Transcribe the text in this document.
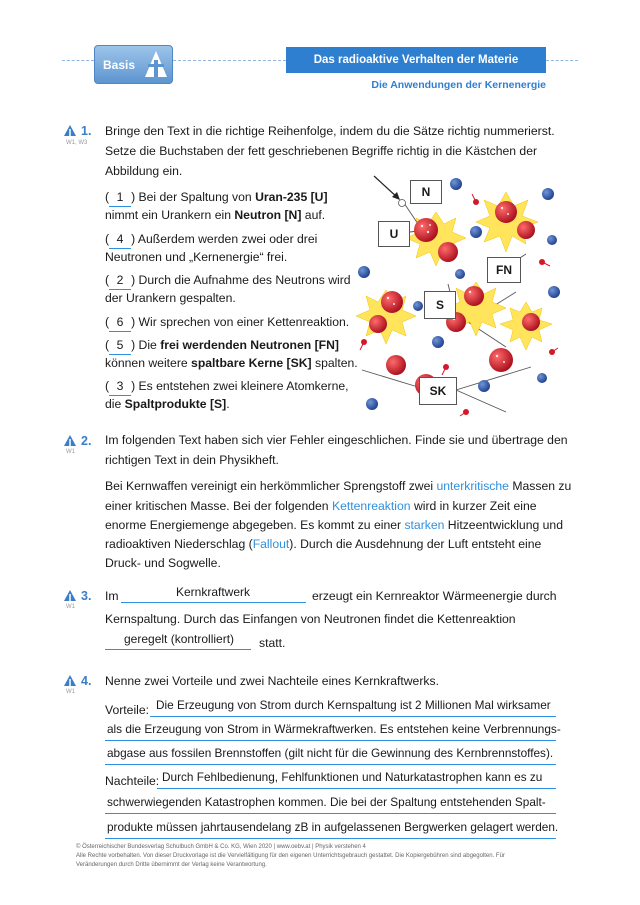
Basis	Das radioaktive Verhalten der Materie
Die Anwendungen der Kernenergie
1.
W1, W3
Bringe den Text in die richtige Reihenfolge, indem du die Sätze richtig nummerierst.
Setze die Buchstaben der fett geschriebenen Begriffe richtig in die Kästchen der
Abbildung ein.
( 1 ) Bei der Spaltung von Uran-235 [U]
nimmt ein Urankern ein Neutron [N] auf.
( 4 ) Außerdem werden zwei oder drei
Neutronen und „Kernenergie“ frei.
( 2 ) Durch die Aufnahme des Neutrons wird
der Urankern gespalten.
( 6 ) Wir sprechen von einer Kettenreaktion.
( 5 ) Die frei werdenden Neutronen [FN]
können weitere spaltbare Kerne [SK] spalten.
( 3 ) Es entstehen zwei kleinere Atomkerne,
die Spaltprodukte [S].
N
U
FN
S
SK
2.
W1
Im folgenden Text haben sich vier Fehler eingeschlichen. Finde sie und übertrage den
richtigen Text in dein Physikheft.
Bei Kernwaffen vereinigt ein herkömmlicher Sprengstoff zwei unterkritische Massen zu
einer kritischen Masse. Bei der folgenden Kettenreaktion wird in kurzer Zeit eine
enorme Energiemenge abgegeben. Es kommt zu einer starken Hitzeentwicklung und
radioaktiven Niederschlag (Fallout). Durch die Ausdehnung der Luft entsteht eine
Druck- und Sogwelle.
3.
W1
Im	Kernkraftwerk	erzeugt ein Kernreaktor Wärmeenergie durch
Kernspaltung. Durch das Einfangen von Neutronen findet die Kettenreaktion
geregelt (kontrolliert) statt.
4.
W1
Nenne zwei Vorteile und zwei Nachteile eines Kernkraftwerks.
Vorteile: Die Erzeugung von Strom durch Kernspaltung ist 2 Millionen Mal wirksamer
als die Erzeugung von Strom in Wärmekraftwerken. Es entstehen keine Verbrennungs-
abgase aus fossilen Brennstoffen (gilt nicht für die Gewinnung des Kernbrennstoffes).
Nachteile: Durch Fehlbedienung, Fehlfunktionen und Naturkatastrophen kann es zu
schwerwiegenden Katastrophen kommen. Die bei der Spaltung entstehenden Spalt-
produkte müssen jahrtausendelang zB in aufgelassenen Bergwerken gelagert werden.
© Österreichischer Bundesverlag Schulbuch GmbH & Co. KG, Wien 2020 | www.oebv.at | Physik verstehen 4
Alle Rechte vorbehalten. Von dieser Druckvorlage ist die Vervielfältigung für den eigenen Unterrichtsgebrauch gestattet. Die Kopiergebühren sind abgegolten. Für
Veränderungen durch Dritte übernimmt der Verlag keine Verantwortung.
